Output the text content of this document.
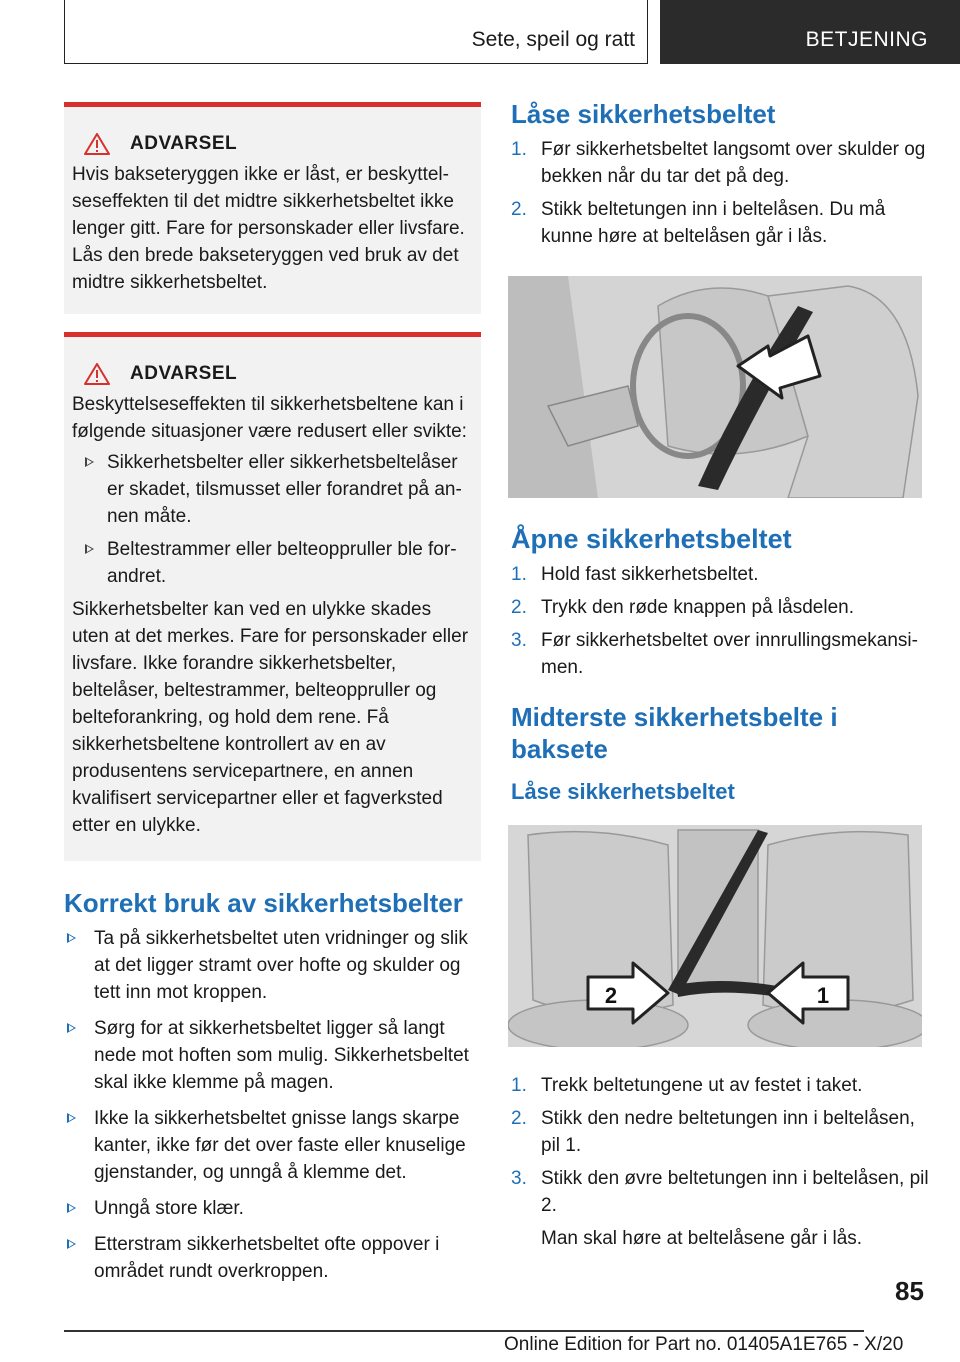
Sete, speil og ratt	BETJENING
ADVARSEL

Hvis bakseteryggen ikke er låst, er beskyttelseseffekten til det midtre sikkerhetsbeltet ikke lenger gitt. Fare for personskader eller livsfare. Lås den brede bakseteryggen ved bruk av det midtre sikkerhetsbeltet.

ADVARSEL

Beskyttelseseffekten til sikkerhetsbeltene kan i følgende situasjoner være redusert eller svikte:

Sikkerhetsbelter eller sikkerhetsbeltelåser er skadet, tilsmusset eller forandret på annen måte.
Beltestrammer eller belteoppruller ble forandret.

Sikkerhetsbelter kan ved en ulykke skades uten at det merkes. Fare for personskader eller livsfare. Ikke forandre sikkerhetsbelter, beltelåser, beltestrammer, belteoppruller og belteforankring, og hold dem rene. Få sikkerhetsbeltene kontrollert av en av produsentens servicepartnere, en annen kvalifisert servicepartner eller et fagverksted etter en ulykke.

Korrekt bruk av sikkerhetsbelter
Ta på sikkerhetsbeltet uten vridninger og slik at det ligger stramt over hofte og skulder og tett inn mot kroppen.
Sørg for at sikkerhetsbeltet ligger så langt nede mot hoften som mulig. Sikkerhetsbeltet skal ikke klemme på magen.
Ikke la sikkerhetsbeltet gnisse langs skarpe kanter, ikke før det over faste eller knuselige gjenstander, og unngå å klemme det.
Unngå store klær.
Etterstram sikkerhetsbeltet ofte oppover i området rundt overkroppen.
Låse sikkerhetsbeltet
1. Før sikkerhetsbeltet langsomt over skulder og bekken når du tar det på deg.
2. Stikk beltetungen inn i beltelåsen. Du må kunne høre at beltelåsen går i lås.
Åpne sikkerhetsbeltet
1. Hold fast sikkerhetsbeltet.
2. Trykk den røde knappen på låsdelen.
3. Før sikkerhetsbeltet over innrullingsmekansimen.
Midterste sikkerhetsbelte i baksete
Låse sikkerhetsbeltet
2	1
1. Trekk beltetungene ut av festet i taket.
2. Stikk den nedre beltetungen inn i beltelåsen, pil 1.
3. Stikk den øvre beltetungen inn i beltelåsen, pil 2.
Man skal høre at beltelåsene går i lås.
85
Online Edition for Part no. 01405A1E765 - X/20
